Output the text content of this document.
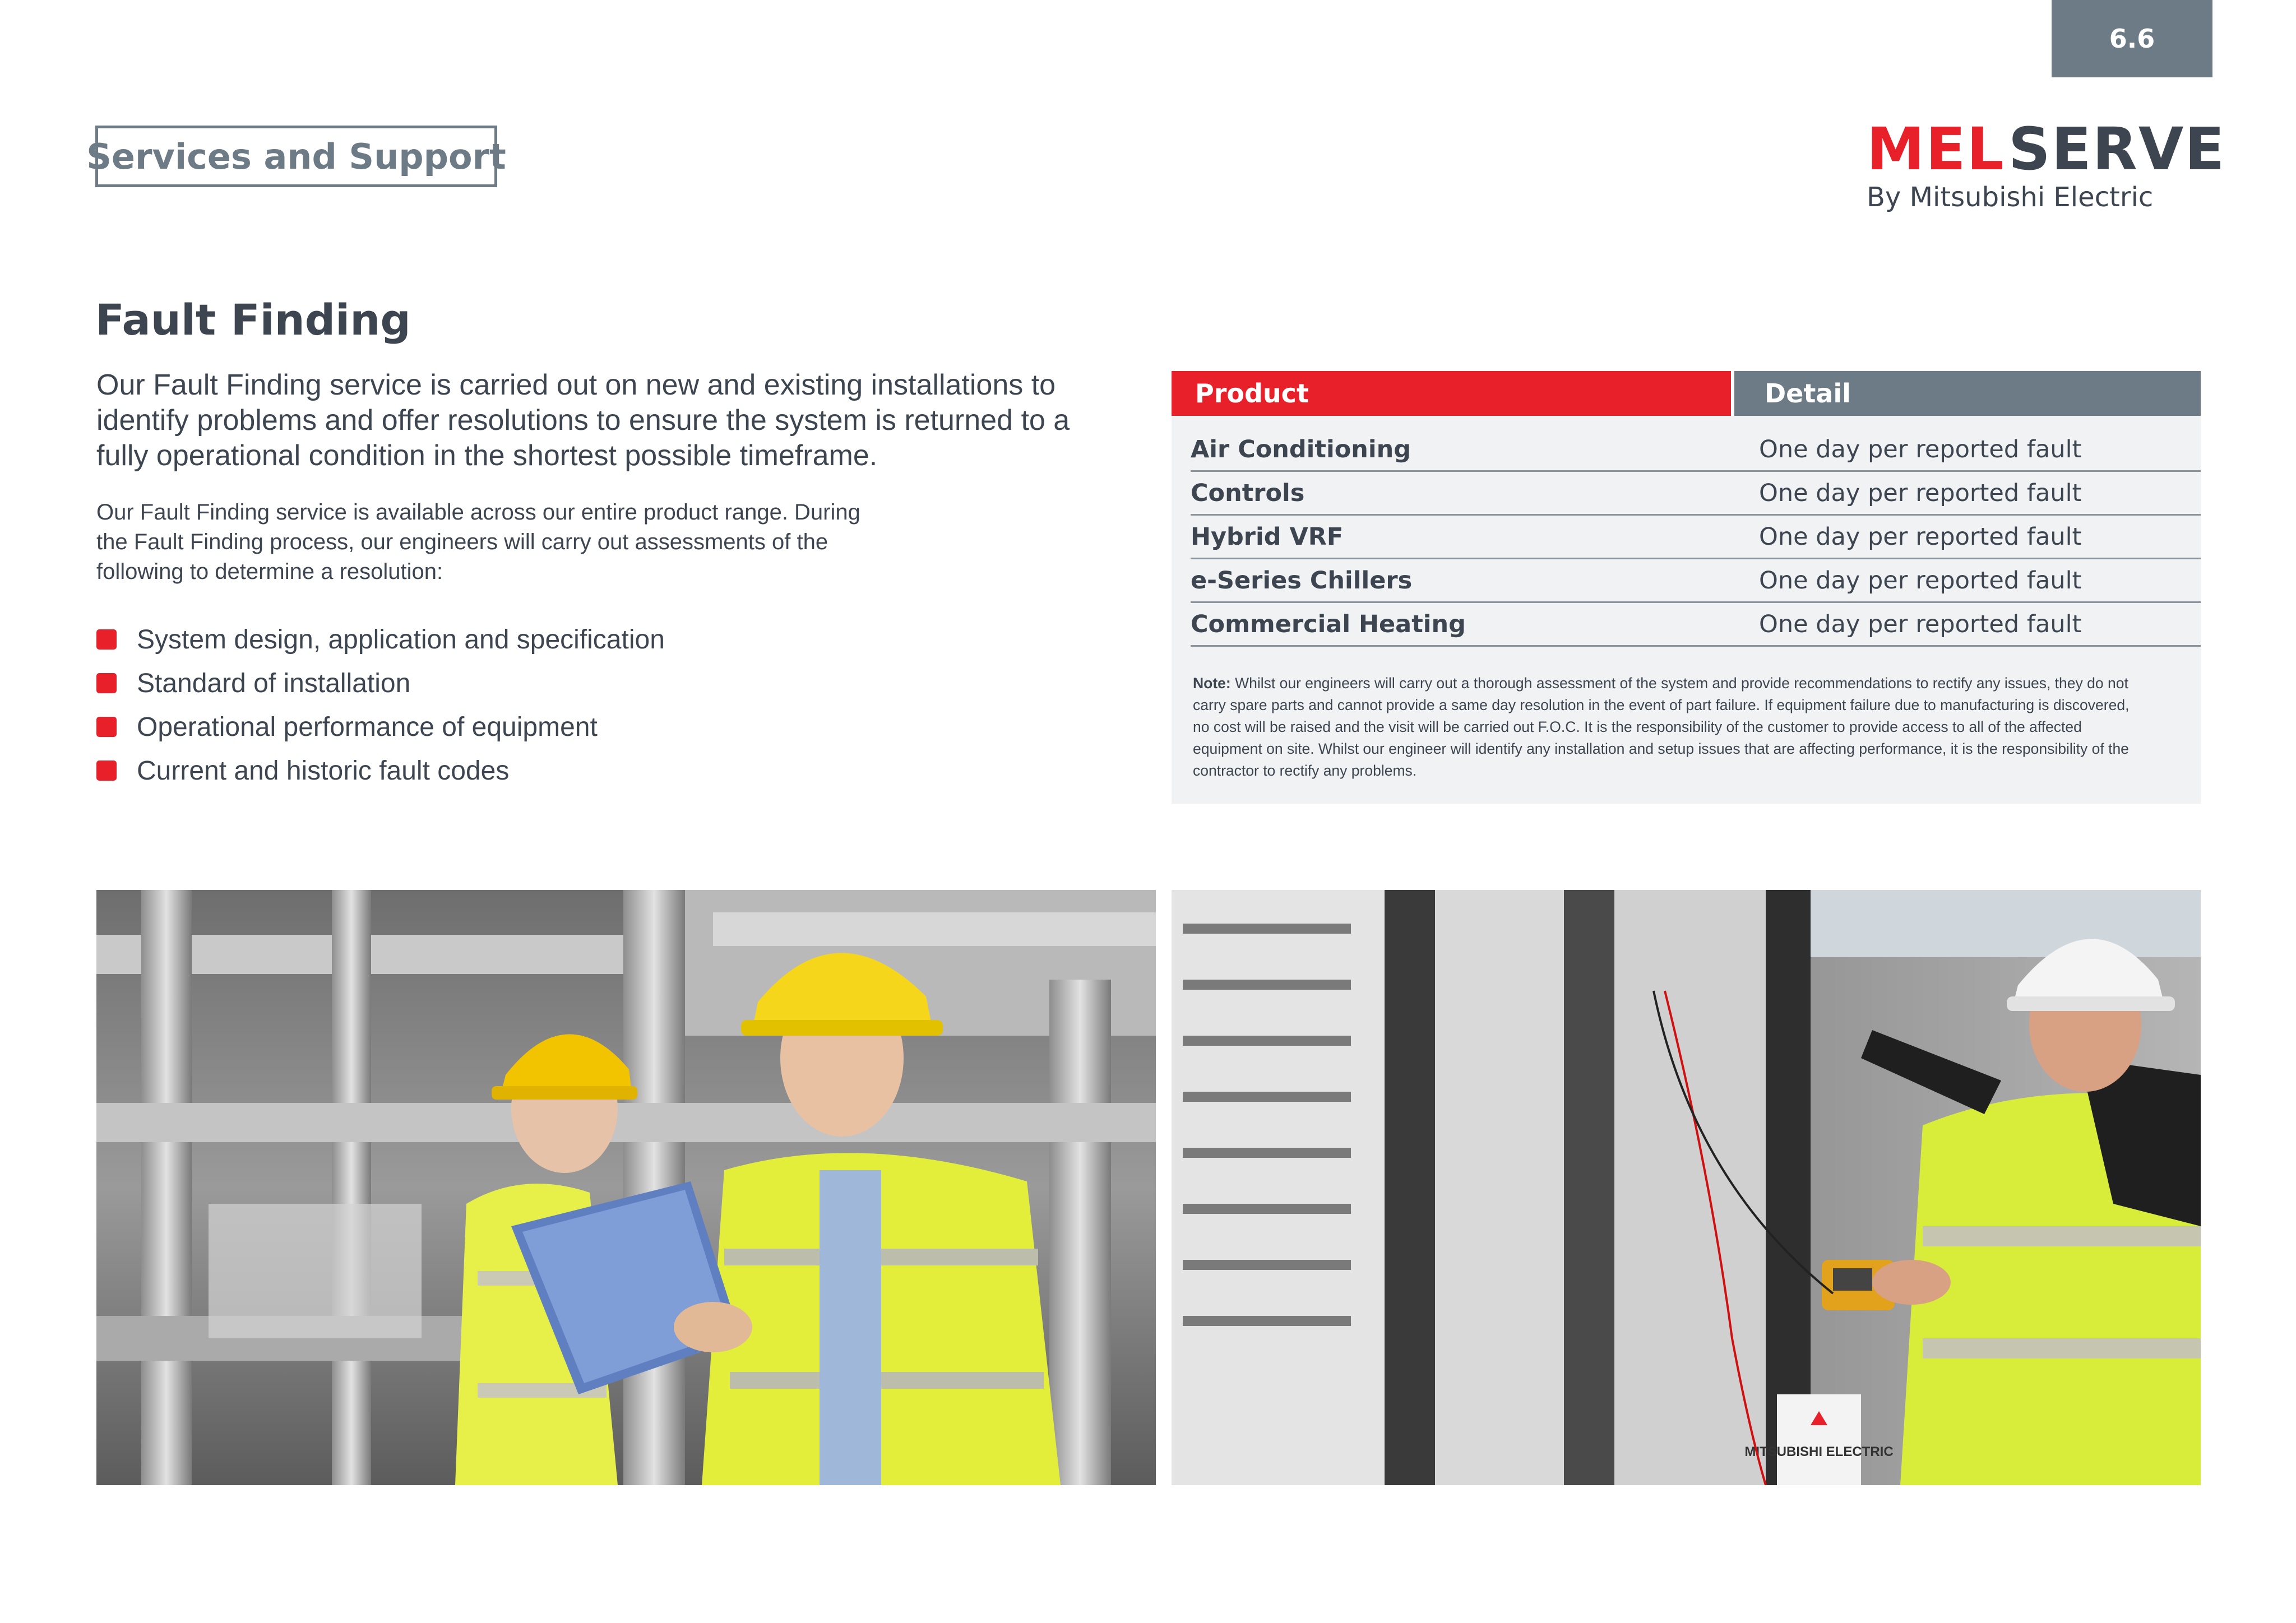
6.6
Services and Support	MEL SERVE
By Mitsubishi Electric
Fault Finding

Our Fault Finding service is carried out on new and existing installations to identify problems and offer resolutions to ensure the system is returned to a fully operational condition in the shortest possible timeframe.

Our Fault Finding service is available across our entire product range. During the Fault Finding process, our engineers will carry out assessments of the following to determine a resolution:

System design, application and specification
Standard of installation
Operational performance of equipment
Current and historic fault codes
Product	Detail
Air Conditioning	One day per reported fault
Controls	One day per reported fault
Hybrid VRF	One day per reported fault
e-Series Chillers	One day per reported fault
Commercial Heating	One day per reported fault

Note: Whilst our engineers will carry out a thorough assessment of the system and provide recommendations to rectify any issues, they do not carry spare parts and cannot provide a same day resolution in the event of part failure. If equipment failure due to manufacturing is discovered, no cost will be raised and the visit will be carried out F.O.C. It is the responsibility of the customer to provide access to all of the affected equipment on site. Whilst our engineer will identify any installation and setup issues that are affecting performance, it is the responsibility of the contractor to rectify any problems.

MITSUBISHI ELECTRIC
